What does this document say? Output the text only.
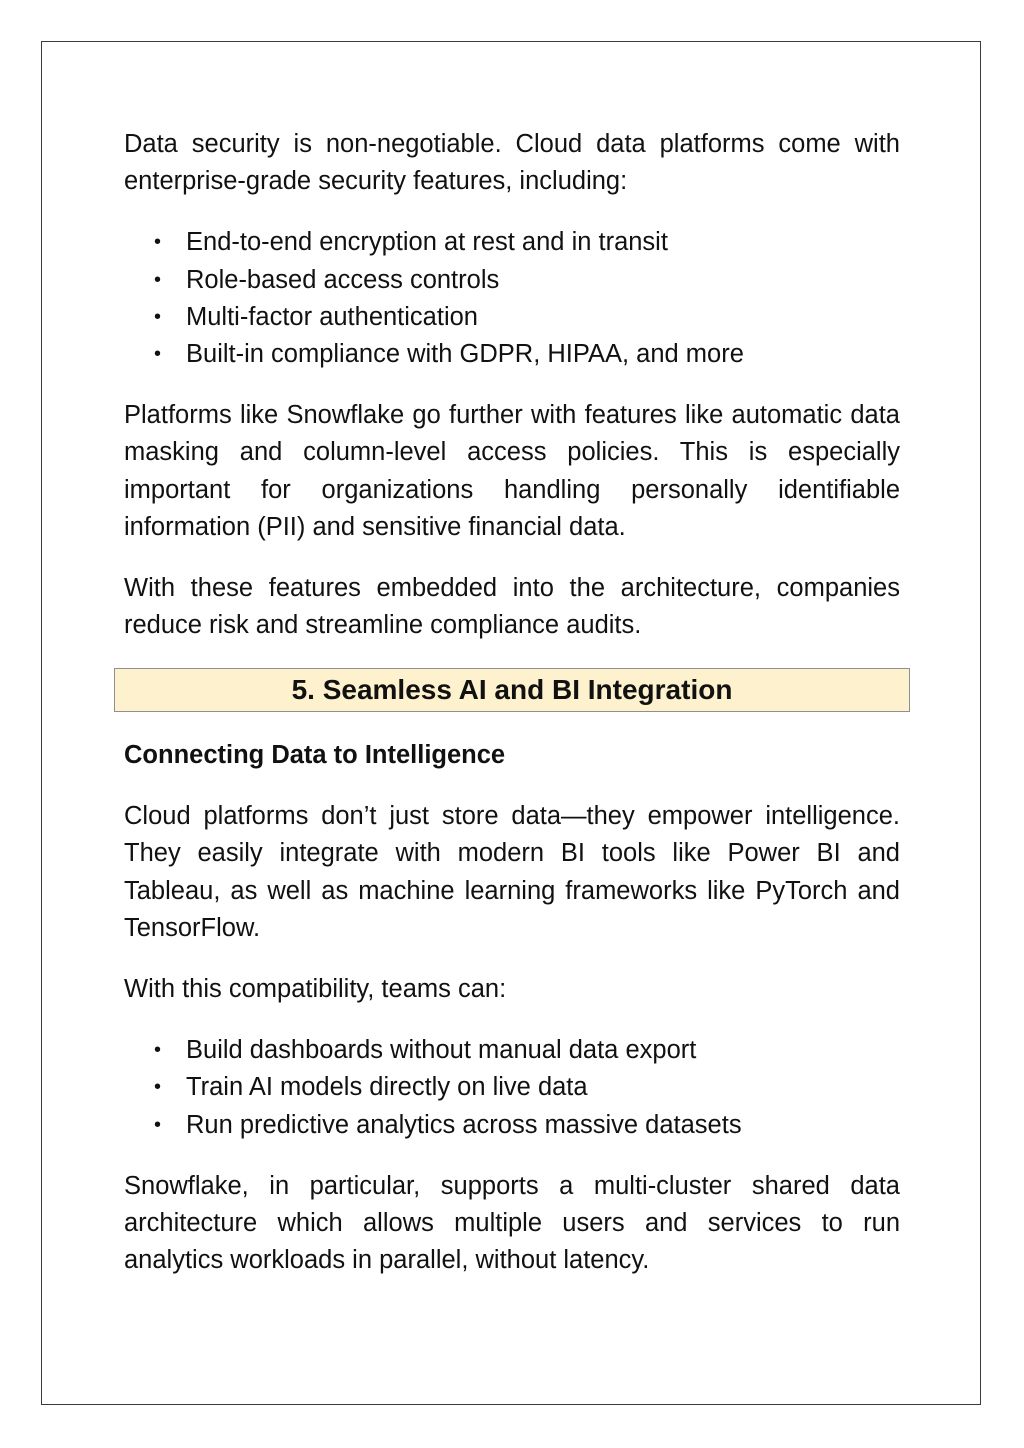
Data security is non-negotiable. Cloud data platforms come with enterprise-grade security features, including:

• End-to-end encryption at rest and in transit
• Role-based access controls
• Multi-factor authentication
• Built-in compliance with GDPR, HIPAA, and more

Platforms like Snowflake go further with features like automatic data masking and column-level access policies. This is especially important for organizations handling personally identifiable information (PII) and sensitive financial data.

With these features embedded into the architecture, companies reduce risk and streamline compliance audits.

5. Seamless AI and BI Integration

Connecting Data to Intelligence

Cloud platforms don’t just store data—they empower intelligence. They easily integrate with modern BI tools like Power BI and Tableau, as well as machine learning frameworks like PyTorch and TensorFlow.

With this compatibility, teams can:

• Build dashboards without manual data export
• Train AI models directly on live data
• Run predictive analytics across massive datasets

Snowflake, in particular, supports a multi-cluster shared data architecture which allows multiple users and services to run analytics workloads in parallel, without latency.
